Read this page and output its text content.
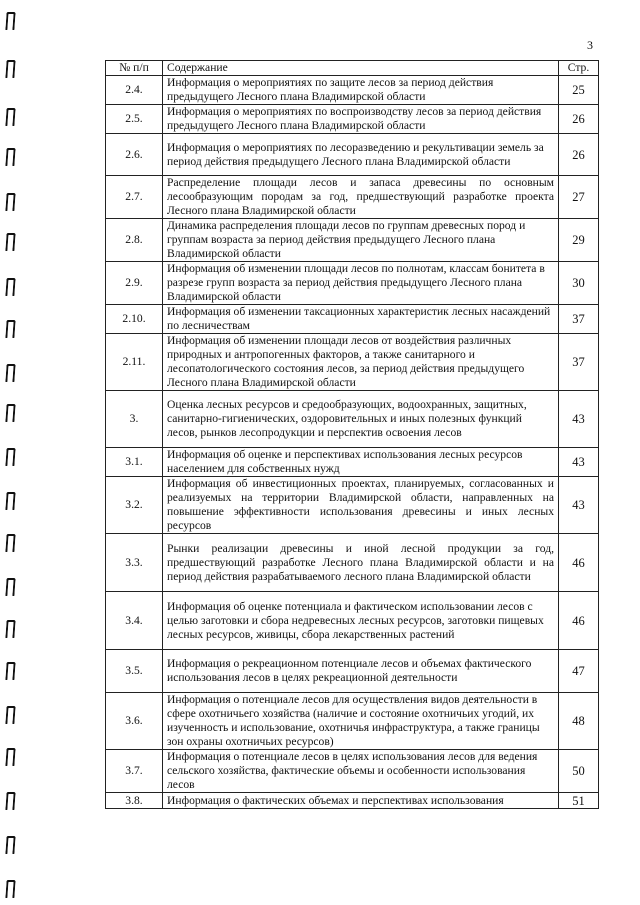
3
№ п/п	Содержание	Стр.
2.4.	Информация о мероприятиях по защите лесов за период действия предыдущего Лесного плана Владимирской области	25
2.5.	Информация о мероприятиях по воспроизводству лесов за период действия предыдущего Лесного плана Владимирской области	26
2.6.	Информация о мероприятиях по лесоразведению и рекультивации земель за период действия предыдущего Лесного плана Владимирской области	26
2.7.	Распределение площади лесов и запаса древесины по основным лесообразующим породам за год, предшествующий разработке проекта Лесного плана Владимирской области	27
2.8.	Динамика распределения площади лесов по группам древесных пород и группам возраста за период действия предыдущего Лесного плана Владимирской области	29
2.9.	Информация об изменении площади лесов по полнотам, классам бонитета в разрезе групп возраста за период действия предыдущего Лесного плана Владимирской области	30
2.10.	Информация об изменении таксационных характеристик лесных насаждений по лесничествам	37
2.11.	Информация об изменении площади лесов от воздействия различных природных и антропогенных факторов, а также санитарного и лесопатологического состояния лесов, за период действия предыдущего Лесного плана Владимирской области	37
3.	Оценка лесных ресурсов и средообразующих, водоохранных, защитных, санитарно-гигиенических, оздоровительных и иных полезных функций лесов, рынков лесопродукции и перспектив освоения лесов	43
3.1.	Информация об оценке и перспективах использования лесных ресурсов населением для собственных нужд	43
3.2.	Информация об инвестиционных проектах, планируемых, согласованных и реализуемых на территории Владимирской области, направленных на повышение эффективности использования древесины и иных лесных ресурсов	43
3.3.	Рынки реализации древесины и иной лесной продукции за год, предшествующий разработке Лесного плана Владимирской области и на период действия разрабатываемого лесного плана Владимирской области	46
3.4.	Информация об оценке потенциала и фактическом использовании лесов с целью заготовки и сбора недревесных лесных ресурсов, заготовки пищевых лесных ресурсов, живицы, сбора лекарственных растений	46
3.5.	Информация о рекреационном потенциале лесов и объемах фактического использования лесов в целях рекреационной деятельности	47
3.6.	Информация о потенциале лесов для осуществления видов деятельности в сфере охотничьего хозяйства (наличие и состояние охотничьих угодий, их изученность и использование, охотничья инфраструктура, а также границы зон охраны охотничьих ресурсов)	48
3.7.	Информация о потенциале лесов в целях использования лесов для ведения сельского хозяйства, фактические объемы и особенности использования лесов	50
3.8.	Информация о фактических объемах и перспективах использования	51
